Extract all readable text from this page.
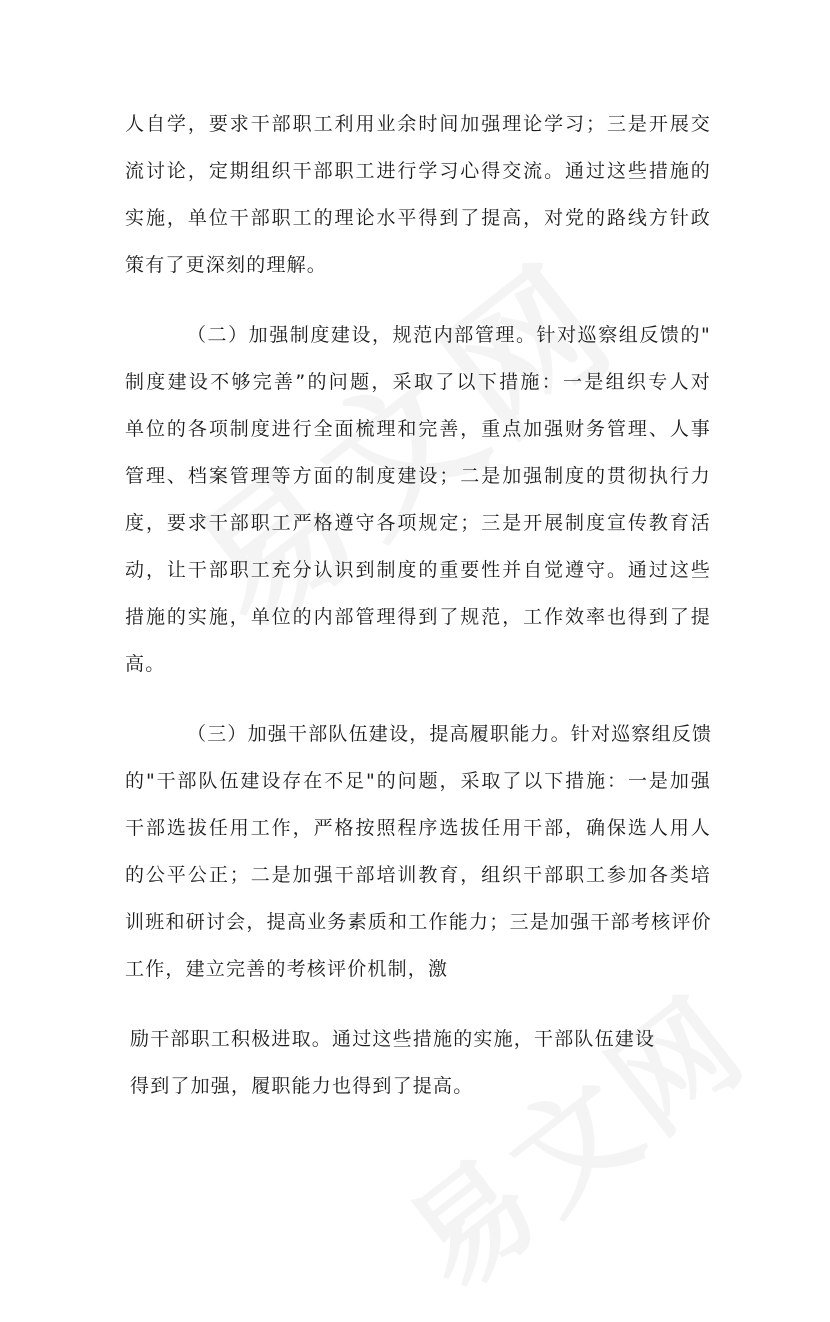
人自学，要求干部职工利用业余时间加强理论学习；三是开展交
流讨论，定期组织干部职工进行学习心得交流。通过这些措施的
实施，单位干部职工的理论水平得到了提高，对党的路线方针政
策有了更深刻的理解。
（二）加强制度建设，规范内部管理。针对巡察组反馈的"
制度建设不够完善”的问题，采取了以下措施：一是组织专人对
单位的各项制度进行全面梳理和完善，重点加强财务管理、人事
管理、档案管理等方面的制度建设；二是加强制度的贯彻执行力
度，要求干部职工严格遵守各项规定；三是开展制度宣传教育活
动，让干部职工充分认识到制度的重要性并自觉遵守。通过这些
措施的实施，单位的内部管理得到了规范，工作效率也得到了提
高。
（三）加强干部队伍建设，提高履职能力。针对巡察组反馈
的"干部队伍建设存在不足"的问题，采取了以下措施：一是加强
干部选拔任用工作，严格按照程序选拔任用干部，确保选人用人
的公平公正；二是加强干部培训教育，组织干部职工参加各类培
训班和研讨会，提高业务素质和工作能力；三是加强干部考核评价
工作，建立完善的考核评价机制，激
励干部职工积极进取。通过这些措施的实施，干部队伍建设
得到了加强，履职能力也得到了提高。
